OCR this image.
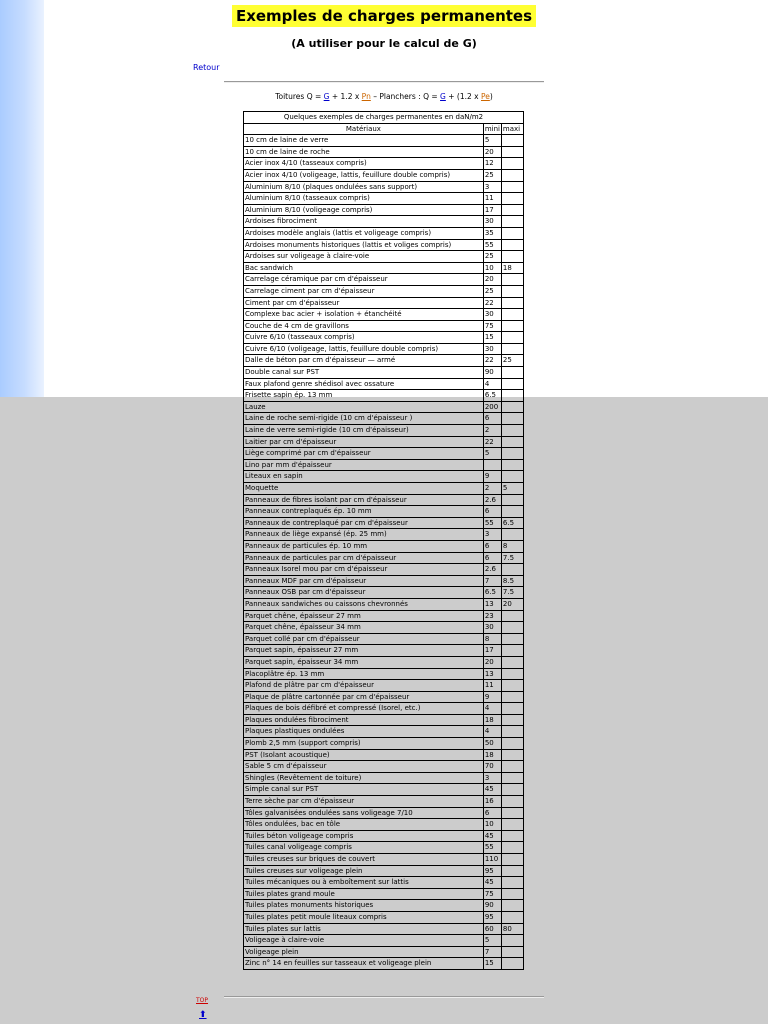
Exemples de charges permanentes
(A utiliser pour le calcul de G)
Retour
Toitures Q = G + 1.2 x Pn – Planchers : Q = G + (1.2 x Pe)
Quelques exemples de charges permanentes en daN/m2		
Matériaux	mini	maxi
10 cm de laine de verre	5	
10 cm de laine de roche	20	
Acier inox 4/10 (tasseaux compris)	12	
Acier inox 4/10 (voligeage, lattis, feuillure double compris)	25	
Aluminium 8/10 (plaques ondulées sans support)	3	
Aluminium 8/10 (tasseaux compris)	11	
Aluminium 8/10 (voligeage compris)	17	
Ardoises fibrociment	30	
Ardoises modèle anglais (lattis et voligeage compris)	35	
Ardoises monuments historiques (lattis et voliges compris)	55	
Ardoises sur voligeage à claire-voie	25	
Bac sandwich	10	18
Carrelage céramique par cm d'épaisseur	20	
Carrelage ciment par cm d'épaisseur	25	
Ciment par cm d'épaisseur	22	
Complexe bac acier + isolation + étanchéité	30	
Couche de 4 cm de gravillons	75	
Cuivre 6/10 (tasseaux compris)	15	
Cuivre 6/10 (voligeage, lattis, feuillure double compris)	30	
Dalle de béton par cm d'épaisseur — armé	22	25
Double canal sur PST	90	
Faux plafond genre shédisol avec ossature	4	
Frisette sapin ép. 13 mm	6.5	
Lauze	200	
Laine de roche semi-rigide (10 cm d'épaisseur )	6	
Laine de verre semi-rigide (10 cm d'épaisseur)	2	
Laitier par cm d'épaisseur	22	
Liège comprimé par cm d'épaisseur	5	
Lino par mm d'épaisseur		
Liteaux en sapin	9	
Moquette	2	5
Panneaux de fibres isolant par cm d'épaisseur	2.6	
Panneaux contreplaqués ép. 10 mm	6	
Panneaux de contreplaqué par cm d'épaisseur	55	6.5
Panneaux de liège expansé (ép. 25 mm)	3	
Panneaux de particules ép. 10 mm	6	8
Panneaux de particules par cm d'épaisseur	6	7.5
Panneaux Isorel mou par cm d'épaisseur	2.6	
Panneaux MDF par cm d'épaisseur	7	8.5
Panneaux OSB par cm d'épaisseur	6.5	7.5
Panneaux sandwiches ou caissons chevronnés	13	20
Parquet chêne, épaisseur 27 mm	23	
Parquet chêne, épaisseur 34 mm	30	
Parquet collé par cm d'épaisseur	8	
Parquet sapin, épaisseur 27 mm	17	
Parquet sapin, épaisseur 34 mm	20	
Placoplâtre ép. 13 mm	13	
Plafond de plâtre par cm d'épaisseur	11	
Plaque de plâtre cartonnée par cm d'épaisseur	9	
Plaques de bois défibré et compressé (Isorel, etc.)	4	
Plaques ondulées fibrociment	18	
Plaques plastiques ondulées	4	
Plomb 2,5 mm (support compris)	50	
PST (Isolant acoustique)	18	
Sable 5 cm d'épaisseur	70	
Shingles (Revêtement de toiture)	3	
Simple canal sur PST	45	
Terre sèche par cm d'épaisseur	16	
Tôles galvanisées ondulées sans voligeage 7/10	6	
Tôles ondulées, bac en tôle	10	
Tuiles béton voligeage compris	45	
Tuiles canal voligeage compris	55	
Tuiles creuses sur briques de couvert	110	
Tuiles creuses sur voligeage plein	95	
Tuiles mécaniques ou à emboîtement sur lattis	45	
Tuiles plates grand moule	75	
Tuiles plates monuments historiques	90	
Tuiles plates petit moule liteaux compris	95	
Tuiles plates sur lattis	60	80
Voligeage à claire-voie	5	
Voligeage plein	7	
Zinc n° 14 en feuilles sur tasseaux et voligeage plein	15	
TOP
⬆
